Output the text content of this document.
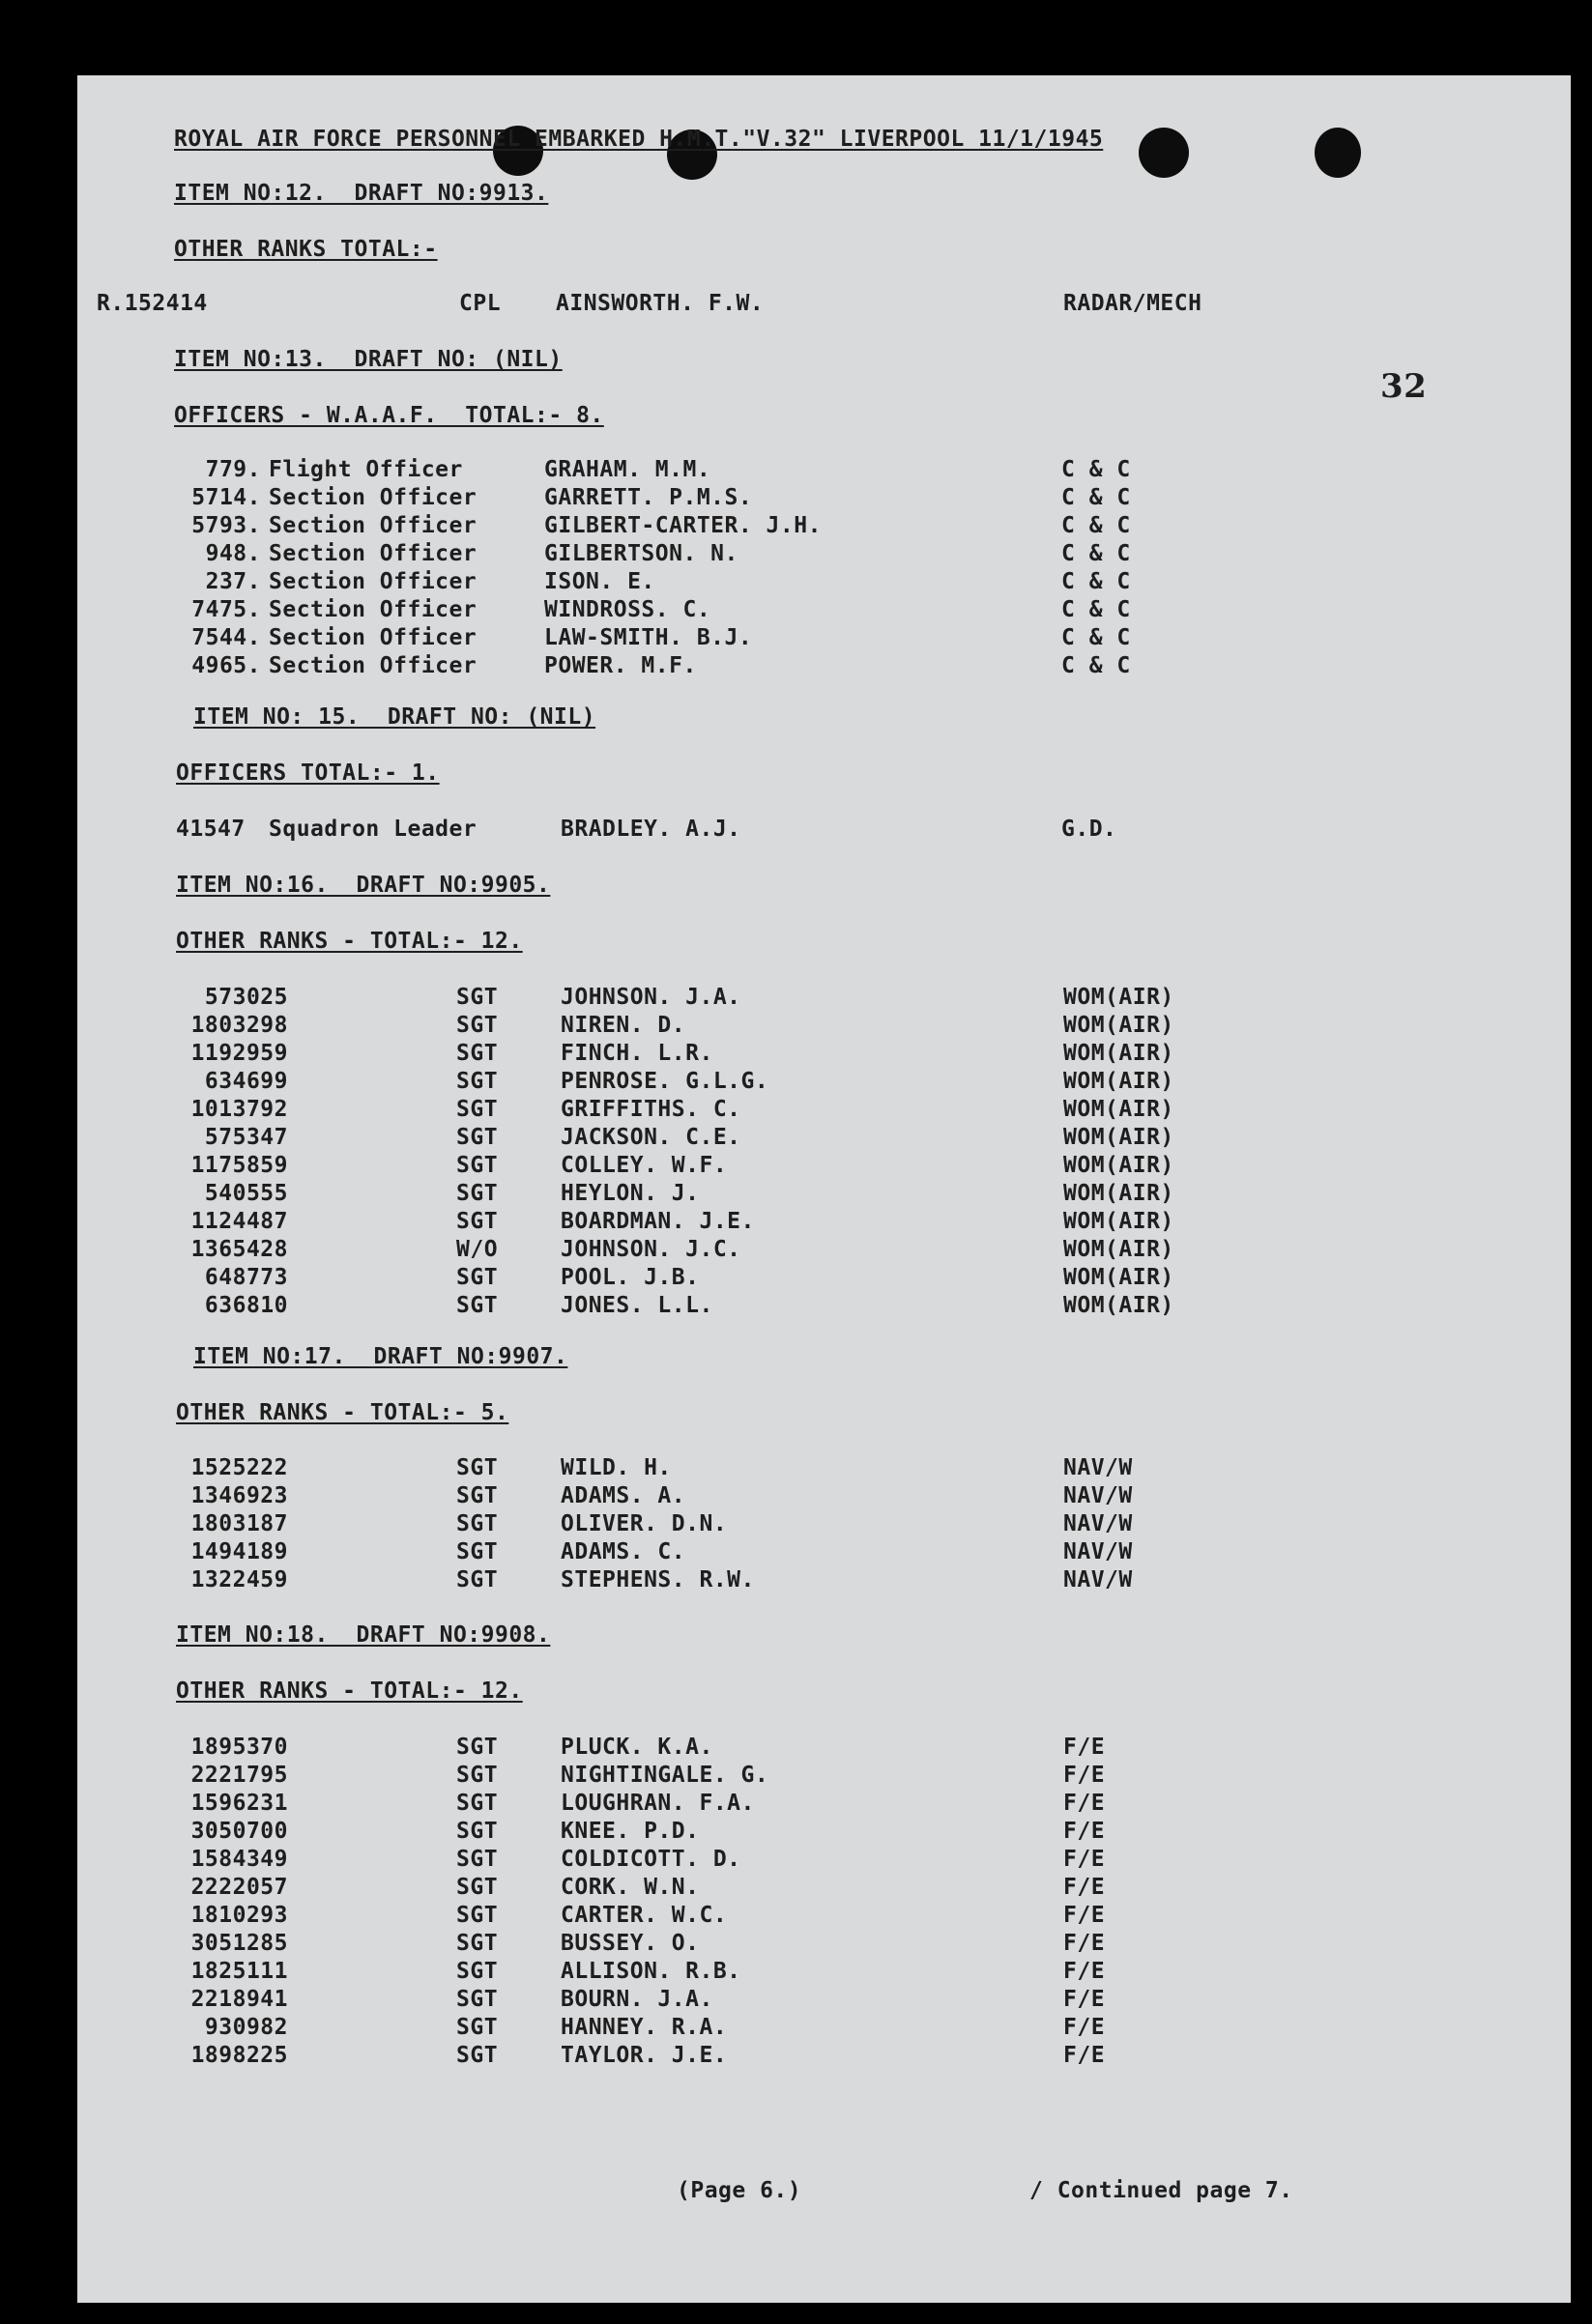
ROYAL AIR FORCE PERSONNEL EMBARKED H.M.T."V.32" LIVERPOOL 11/1/1945
32
ITEM NO:12.  DRAFT NO:9913.
OTHER RANKS TOTAL:-
R.152414	CPL AINSWORTH. F.W.	RADAR/MECH
ITEM NO:13.  DRAFT NO: (NIL)
OFFICERS - W.A.A.F.  TOTAL:- 8.
779. Flight Officer	GRAHAM. M.M.	C & C
5714. Section Officer	GARRETT. P.M.S.	C & C
5793. Section Officer	GILBERT-CARTER. J.H.	C & C
948. Section Officer	GILBERTSON. N.	C & C
237. Section Officer	ISON. E.	C & C
7475. Section Officer	WINDROSS. C.	C & C
7544. Section Officer	LAW-SMITH. B.J.	C & C
4965. Section Officer	POWER. M.F.	C & C
ITEM NO: 15.  DRAFT NO: (NIL)
OFFICERS TOTAL:- 1.
41547 Squadron Leader	BRADLEY. A.J.	G.D.
ITEM NO:16.  DRAFT NO:9905.
OTHER RANKS - TOTAL:- 12.
573025	SGT	JOHNSON. J.A.	WOM(AIR)
1803298	SGT	NIREN. D.	WOM(AIR)
1192959	SGT	FINCH. L.R.	WOM(AIR)
634699	SGT	PENROSE. G.L.G.	WOM(AIR)
1013792	SGT	GRIFFITHS. C.	WOM(AIR)
575347	SGT	JACKSON. C.E.	WOM(AIR)
1175859	SGT	COLLEY. W.F.	WOM(AIR)
540555	SGT	HEYLON. J.	WOM(AIR)
1124487	SGT	BOARDMAN. J.E.	WOM(AIR)
1365428	W/O	JOHNSON. J.C.	WOM(AIR)
648773	SGT	POOL. J.B.	WOM(AIR)
636810	SGT	JONES. L.L.	WOM(AIR)
ITEM NO:17.  DRAFT NO:9907.
OTHER RANKS - TOTAL:- 5.
1525222	SGT	WILD. H.	NAV/W
1346923	SGT	ADAMS. A.	NAV/W
1803187	SGT	OLIVER. D.N.	NAV/W
1494189	SGT	ADAMS. C.	NAV/W
1322459	SGT	STEPHENS. R.W.	NAV/W
ITEM NO:18.  DRAFT NO:9908.
OTHER RANKS - TOTAL:- 12.
1895370	SGT	PLUCK. K.A.	F/E
2221795	SGT	NIGHTINGALE. G.	F/E
1596231	SGT	LOUGHRAN. F.A.	F/E
3050700	SGT	KNEE. P.D.	F/E
1584349	SGT	COLDICOTT. D.	F/E
2222057	SGT	CORK. W.N.	F/E
1810293	SGT	CARTER. W.C.	F/E
3051285	SGT	BUSSEY. O.	F/E
1825111	SGT	ALLISON. R.B.	F/E
2218941	SGT	BOURN. J.A.	F/E
930982	SGT	HANNEY. R.A.	F/E
1898225	SGT	TAYLOR. J.E.	F/E
(Page 6.)	/ Continued page 7.
